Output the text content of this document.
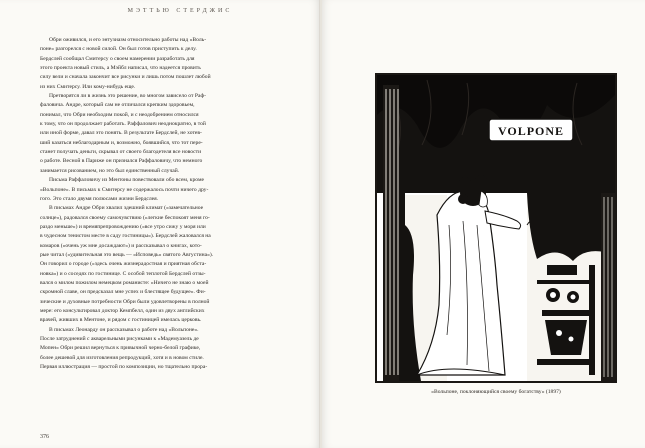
МЭТТЬЮ СТЕРДЖИС
Обри оживился, и его энтузиазм относительно работы над «Воль-
поне» разгорелся с новой силой. Он был готов приступить к делу.
Бердслей сообщал Смитерсу о своем намерении разработать для
этого проекта новый стиль, а Мэйбл написал, что надеется провить
силу вели и сначала закончит все рисунки и лишь потом пошлет любой
из них Смитерсу. Или кому-нибудь еще.
Претворятся ли в жизнь это решение, во многом зависело от Раф-
фаловича. Андре, который сам не отличался крепким здоровьем,
понимал, что Обри необходим покой, и с неодобрением относился
к тому, что он продолжает работать. Раффалович неоднократно, в той
или иной форме, давал это понять. В результате Бердслей, не хотев-
ший казаться неблагодарным и, возможно, боявшийся, что тот пере-
станет получать деньги, скрывал от своего благодетеля все новости
о работе. Весной в Париже он признался Раффаловичу, что немного
занимается рисованием, но это был единственный случай.
Письма Раффаловичу из Ментоны повествовали обо всем, кроме
«Вольпоне». В письмах к Смитерсу не содержалось почти ничего дру-
гого. Это стало двумя полюсами жизни Бердслея.
В письмах Андре Обри хвалил здешний климат («замечательное
солнце»), радовался своему самочувствию («легкие беспокоят меня го-
раздо меньше») и времяпрепровождению («все утро сижу у моря или
в чудесном тенистом месте в саду гостиницы»). Бердслей жаловался на
комаров («очень уж мне досаждают») и рассказывал о книгах, кото-
рые читал («удивительная это вещь — «Исповедь» святого Августина»).
Он говорил о городе («здесь очень жизнерадостная и приятная обста-
новка») и о соседях по гостинице. С особой теплотой Бердслей отзы-
вался о милом пожилом немецком романисте: «Ничего не знаю о моей
скромной славе, он предсказал мне успех и блестящее будущее». Фи-
зические и духовные потребности Обри были удовлетворены в полной
мере: его консультировал доктор Кемпбелл, один из двух английских
врачей, живших в Ментоне, и рядом с гостиницей имелась церковь.
В письмах Леонарду он рассказывал о работе над «Вольпоне».
После затруднений с акварельными рисунками к «Мадемуазель де
Мопен» Обри решил вернуться к привычной черно-белой графике,
более дешевой для изготовления репродукций, хотя и в новом стиле.
Первая иллюстрация — простой по композиции, но тщательно прора-
376
VOLPONE
«Вольпоне, поклоняющийся своему богатству» (1897)
